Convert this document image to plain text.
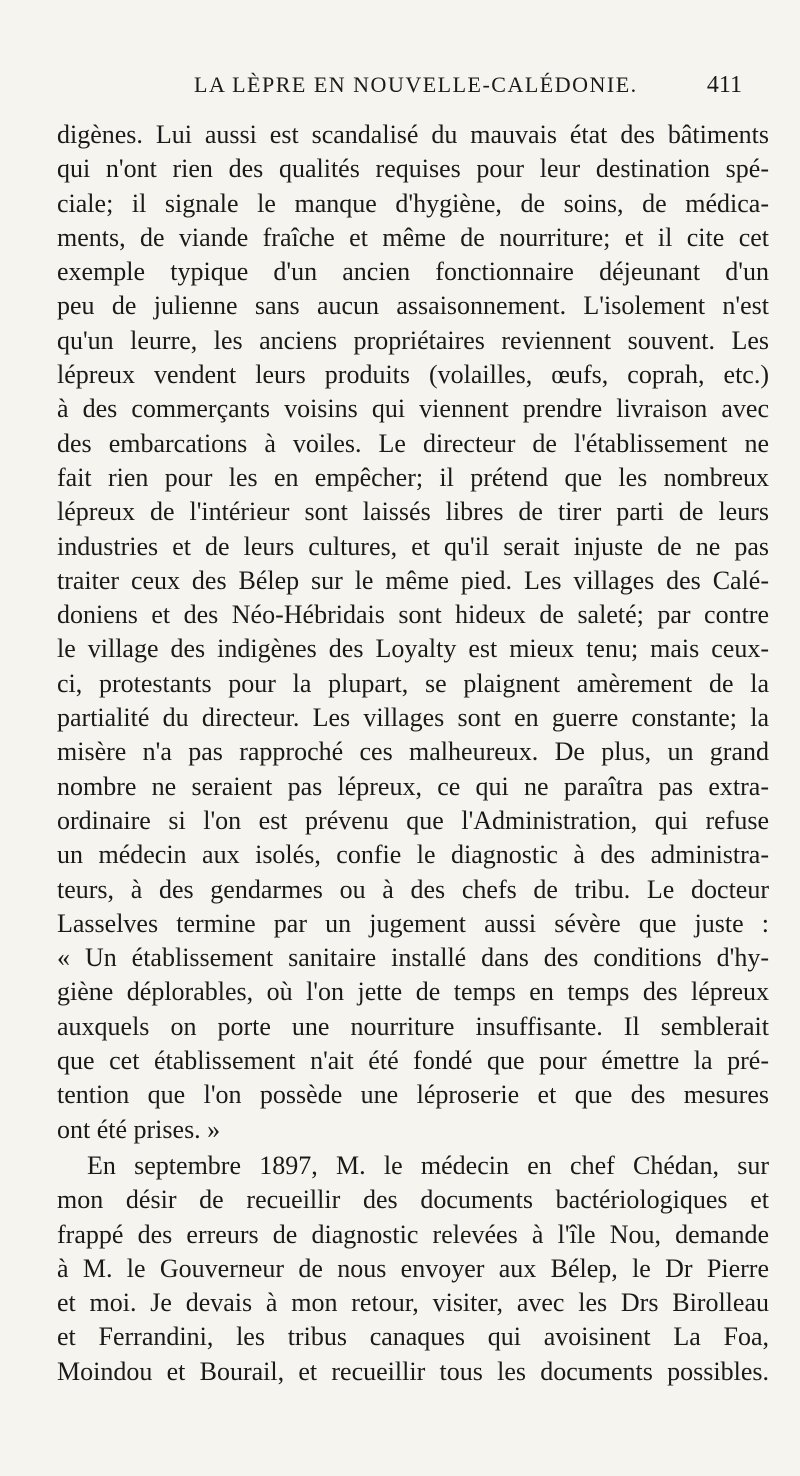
LA LÈPRE EN NOUVELLE-CALÉDONIE.	411
digènes. Lui aussi est scandalisé du mauvais état des bâtiments
qui n'ont rien des qualités requises pour leur destination spé-
ciale; il signale le manque d'hygiène, de soins, de médica-
ments, de viande fraîche et même de nourriture; et il cite cet
exemple typique d'un ancien fonctionnaire déjeunant d'un
peu de julienne sans aucun assaisonnement. L'isolement n'est
qu'un leurre, les anciens propriétaires reviennent souvent. Les
lépreux vendent leurs produits (volailles, œufs, coprah, etc.)
à des commerçants voisins qui viennent prendre livraison avec
des embarcations à voiles. Le directeur de l'établissement ne
fait rien pour les en empêcher; il prétend que les nombreux
lépreux de l'intérieur sont laissés libres de tirer parti de leurs
industries et de leurs cultures, et qu'il serait injuste de ne pas
traiter ceux des Bélep sur le même pied. Les villages des Calé-
doniens et des Néo-Hébridais sont hideux de saleté; par contre
le village des indigènes des Loyalty est mieux tenu; mais ceux-
ci, protestants pour la plupart, se plaignent amèrement de la
partialité du directeur. Les villages sont en guerre constante; la
misère n'a pas rapproché ces malheureux. De plus, un grand
nombre ne seraient pas lépreux, ce qui ne paraîtra pas extra-
ordinaire si l'on est prévenu que l'Administration, qui refuse
un médecin aux isolés, confie le diagnostic à des administra-
teurs, à des gendarmes ou à des chefs de tribu. Le docteur
Lasselves termine par un jugement aussi sévère que juste :
« Un établissement sanitaire installé dans des conditions d'hy-
giène déplorables, où l'on jette de temps en temps des lépreux
auxquels on porte une nourriture insuffisante. Il semblerait
que cet établissement n'ait été fondé que pour émettre la pré-
tention que l'on possède une léproserie et que des mesures
ont été prises. »
En septembre 1897, M. le médecin en chef Chédan, sur
mon désir de recueillir des documents bactériologiques et
frappé des erreurs de diagnostic relevées à l'île Nou, demande
à M. le Gouverneur de nous envoyer aux Bélep, le Dr Pierre
et moi. Je devais à mon retour, visiter, avec les Drs Birolleau
et Ferrandini, les tribus canaques qui avoisinent La Foa,
Moindou et Bourail, et recueillir tous les documents possibles.
